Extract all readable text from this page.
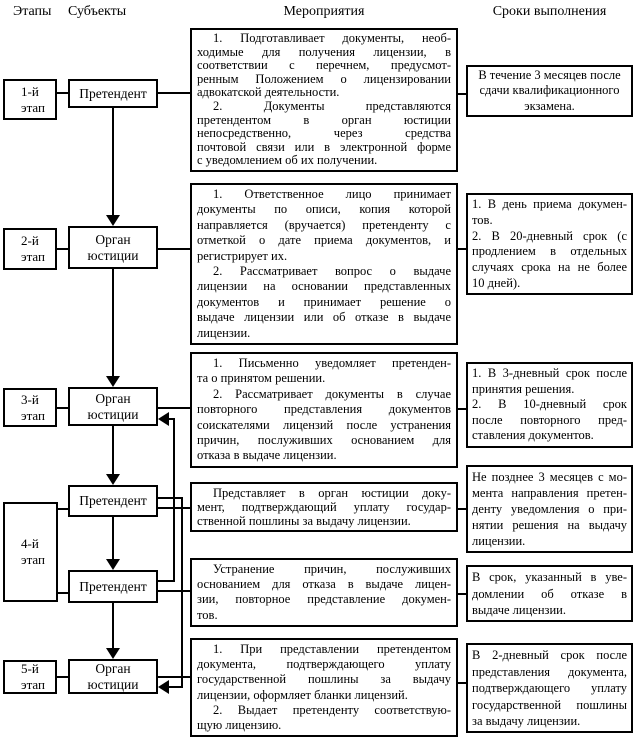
Этапы Субъекты	Мероприятия	Сроки выполнения
1-й
этап
2-й
этап
3-й
этап
4-й
этап
5-й
этап
Претендент
Орган
юстиции
Орган
юстиции
Претендент
Претендент
Орган
юстиции
1. Подготавливает документы, необ-
ходимые для получения лицензии, в
соответствии с перечнем, предусмот-
ренным Положением о лицензировании
адвокатской деятельности.
2. Документы представляются
претендентом в орган юстиции
непосредственно, через средства
почтовой связи или в электронной форме
с уведомлением об их получении.
1. Ответственное лицо принимает
документы по описи, копия которой
направляется (вручается) претенденту с
отметкой о дате приема документов, и
регистрирует их.
2. Рассматривает вопрос о выдаче
лицензии на основании представленных
документов и принимает решение о
выдаче лицензии или об отказе в выдаче
лицензии.
1. Письменно уведомляет претенден-
та о принятом решении.
2. Рассматривает документы в случае
повторного представления документов
соискателями лицензий после устранения
причин, послуживших основанием для
отказа в выдаче лицензии.
Представляет в орган юстиции доку-
мент, подтверждающий уплату государ-
ственной пошлины за выдачу лицензии.
Устранение причин, послуживших
основанием для отказа в выдаче лицен-
зии, повторное представление докумен-
тов.
1. При представлении претендентом
документа, подтверждающего уплату
государственной пошлины за выдачу
лицензии, оформляет бланки лицензий.
2. Выдает претенденту соответствую-
щую лицензию.
В течение 3 месяцев после
сдачи квалификационного
экзамена.
1. В день приема докумен-
тов.
2. В 20-дневный срок (с
продлением в отдельных
случаях срока на не более
10 дней).
1. В 3-дневный срок после
принятия решения.
2. В 10-дневный срок
после повторного пред-
ставления документов.
Не позднее 3 месяцев с мо-
мента направления претен-
денту уведомления о при-
нятии решения на выдачу
лицензии.
В срок, указанный в уве-
домлении об отказе в
выдаче лицензии.
В 2-дневный срок после
представления документа,
подтверждающего уплату
государственной пошлины
за выдачу лицензии.
